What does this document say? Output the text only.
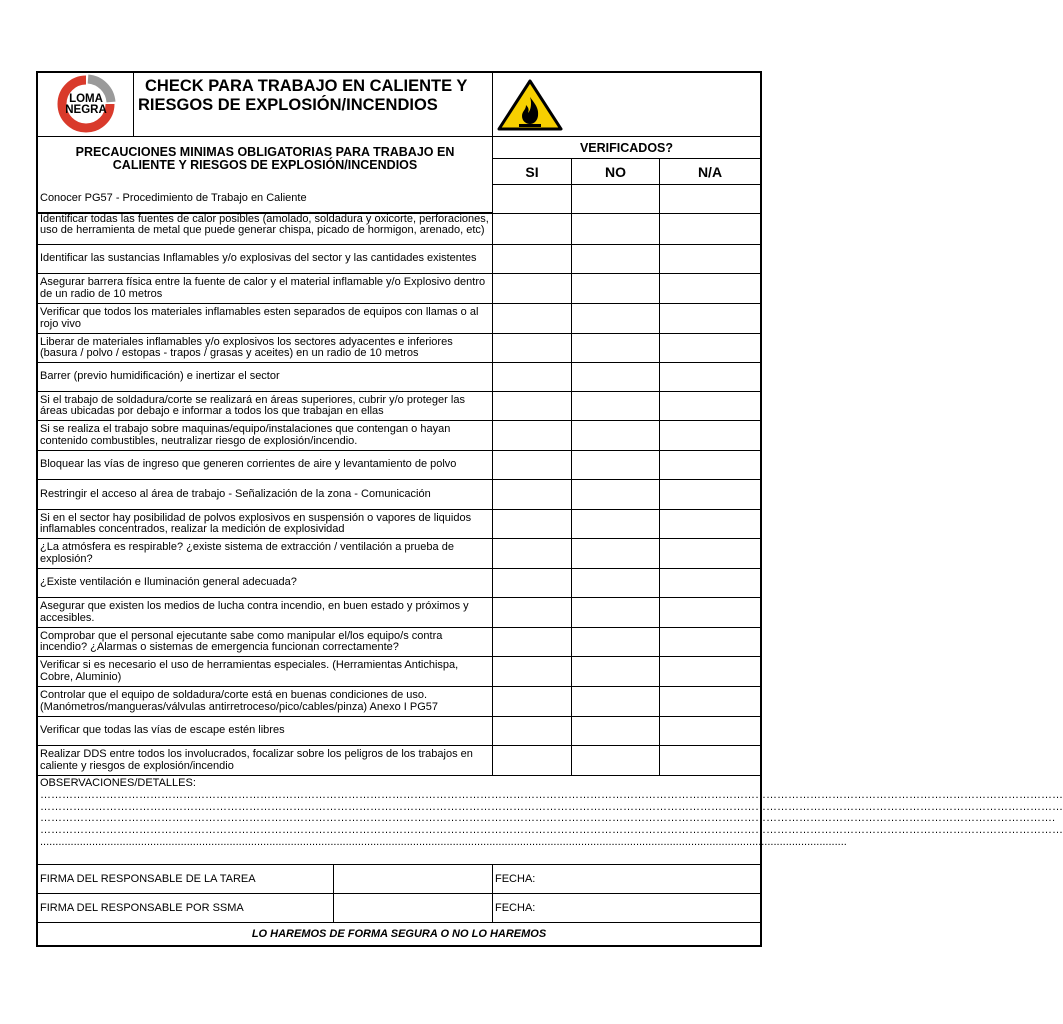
LOMA
NEGRA
CHECK PARA TRABAJO EN CALIENTE Y
RIESGOS DE EXPLOSIÓN/INCENDIOS
PRECAUCIONES MINIMAS OBLIGATORIAS PARA TRABAJO EN
CALIENTE Y RIESGOS DE EXPLOSIÓN/INCENDIOS
VERIFICADOS?
SI	NO	N/A
Conocer PG57 - Procedimiento de Trabajo en Caliente
Identificar todas las fuentes de calor posibles (amolado, soldadura y oxicorte, perforaciones, uso de herramienta de metal que puede generar chispa, picado de hormigon, arenado, etc)
Identificar las sustancias Inflamables y/o explosivas del sector y las cantidades existentes
Asegurar barrera física entre la fuente de calor y el material inflamable y/o Explosivo dentro de un radio de 10 metros
Verificar que todos los materiales inflamables esten separados de equipos con llamas o al rojo vivo
Liberar de materiales inflamables y/o explosivos los sectores adyacentes e inferiores (basura / polvo / estopas - trapos / grasas y aceites) en un radio de 10 metros
Barrer (previo humidificación) e inertizar el sector
Si el trabajo de soldadura/corte se realizará en áreas superiores, cubrir y/o proteger las áreas ubicadas por debajo e informar a todos los que trabajan en ellas
Si se realiza el trabajo sobre maquinas/equipo/instalaciones que contengan o hayan contenido combustibles, neutralizar riesgo de explosión/incendio.
Bloquear las vías de ingreso que generen corrientes de aire y levantamiento de polvo
Restringir el acceso al área de trabajo - Señalización de la zona - Comunicación
Si en el sector hay posibilidad de polvos explosivos en suspensión o vapores de liquidos inflamables concentrados, realizar la medición de explosividad
¿La atmósfera es respirable? ¿existe sistema de extracción / ventilación a prueba de explosión?
¿Existe ventilación e Iluminación general adecuada?
Asegurar que existen los medios de lucha contra incendio, en buen estado y próximos y accesibles.
Comprobar que el personal ejecutante sabe como manipular el/los equipo/s contra incendio? ¿Alarmas o sistemas de emergencia funcionan correctamente?
Verificar si es necesario el uso de herramientas especiales. (Herramientas Antichispa, Cobre, Aluminio)
Controlar que el equipo de soldadura/corte está en buenas condiciones de uso. (Manómetros/mangueras/válvulas antirretroceso/pico/cables/pinza) Anexo I PG57
Verificar que todas las vías de escape estén libres
Realizar DDS entre todos los involucrados, focalizar sobre los peligros de los trabajos en caliente y riesgos de explosión/incendio
OBSERVACIONES/DETALLES:
………………………………………………………………………………………………………………………………………………………………………………………………………………………………………………………
………………………………………………………………………………………………………………………………………………………………………………………………………………………………………………………
…………………………………………………………………………………………………………………………………………………………………………………………………………………………………………………….
………………………………………………………………………………………………………………………………………………………………………………………………………………………………………………………
........................................................................................................................................................................................................................................................................
FIRMA DEL RESPONSABLE DE LA TAREA	FECHA:
FIRMA DEL RESPONSABLE POR SSMA	FECHA:
LO HAREMOS DE FORMA SEGURA O NO LO HAREMOS
